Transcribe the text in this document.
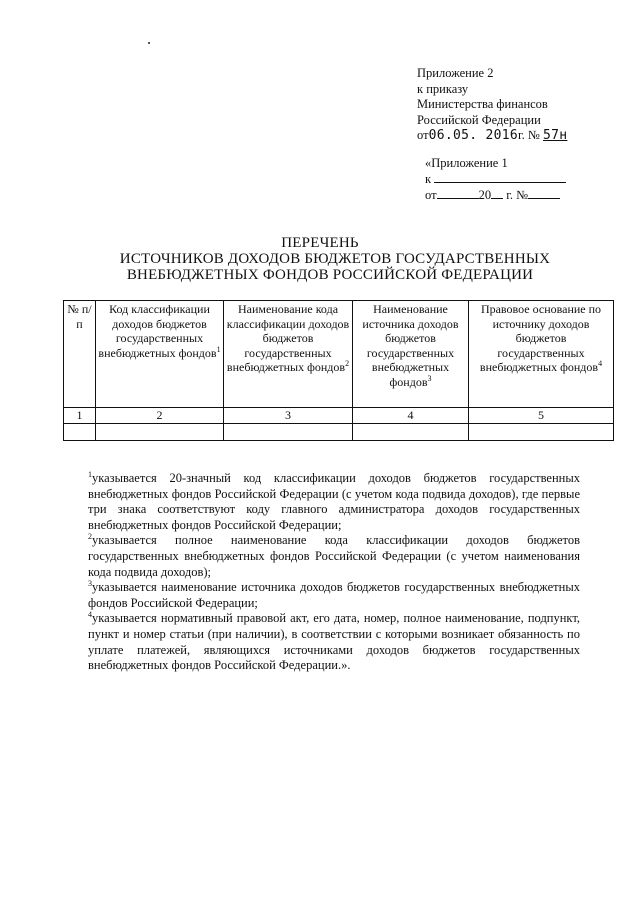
Приложение 2
к приказу
Министерства финансов
Российской Федерации
от06.05. 2016г. № 57н
«Приложение 1
к
от	20 г. №
ПЕРЕЧЕНЬ
ИСТОЧНИКОВ ДОХОДОВ БЮДЖЕТОВ ГОСУДАРСТВЕННЫХ
ВНЕБЮДЖЕТНЫХ ФОНДОВ РОССИЙСКОЙ ФЕДЕРАЦИИ
№ п/п	Код классификации доходов бюджетов государственных внебюджетных фондов$^1$	Наименование кода классификации доходов бюджетов государственных внебюджетных фондов$^2$	Наименование источника доходов бюджетов государственных внебюджетных фондов$^3$	Правовое основание по источнику доходов бюджетов государственных внебюджетных фондов$^4$
1	2	3	4	5

$^1$указывается 20-значный код классификации доходов бюджетов государственных внебюджетных фондов Российской Федерации (с учетом кода подвида доходов), где первые три знака соответствуют коду главного администратора доходов государственных внебюджетных фондов Российской Федерации;

$^2$указывается полное наименование кода классификации доходов бюджетов государственных внебюджетных фондов Российской Федерации (с учетом наименования кода подвида доходов);

$^3$указывается наименование источника доходов бюджетов государственных внебюджетных фондов Российской Федерации;

$^4$указывается нормативный правовой акт, его дата, номер, полное наименование, подпункт, пункт и номер статьи (при наличии), в соответствии с которыми возникает обязанность по уплате платежей, являющихся источниками доходов бюджетов государственных внебюджетных фондов Российской Федерации.».
